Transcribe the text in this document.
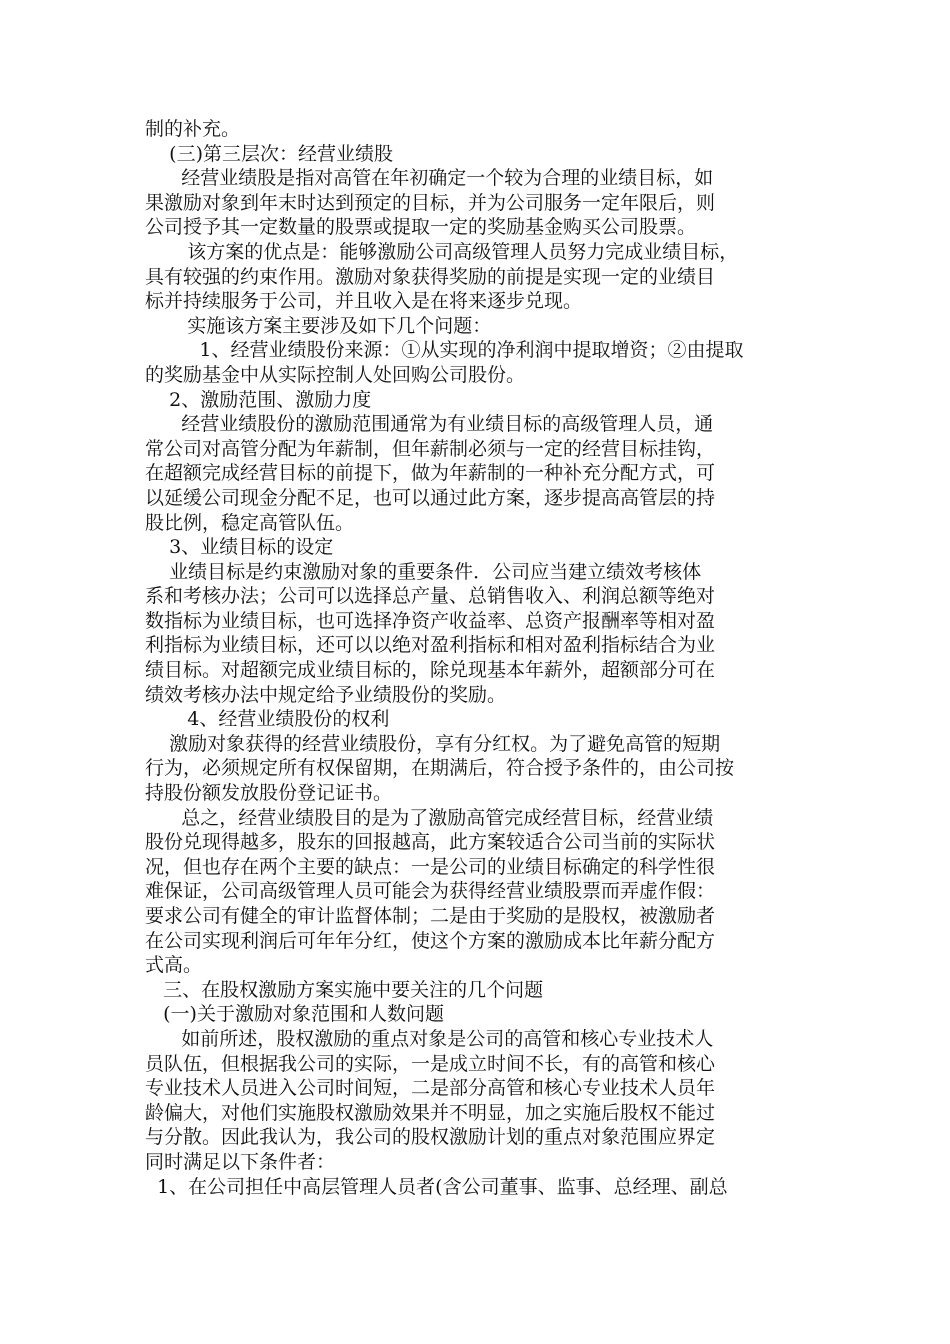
制的补充。
(三)第三层次：经营业绩股
经营业绩股是指对高管在年初确定一个较为合理的业绩目标，如
果激励对象到年末时达到预定的目标，并为公司服务一定年限后，则
公司授予其一定数量的股票或提取一定的奖励基金购买公司股票。
该方案的优点是：能够激励公司高级管理人员努力完成业绩目标，
具有较强的约束作用。激励对象获得奖励的前提是实现一定的业绩目
标并持续服务于公司，并且收入是在将来逐步兑现。
实施该方案主要涉及如下几个问题：
1、经营业绩股份来源：①从实现的净利润中提取增资；②由提取
的奖励基金中从实际控制人处回购公司股份。
2、激励范围、激励力度
经营业绩股份的激励范围通常为有业绩目标的高级管理人员，通
常公司对高管分配为年薪制，但年薪制必须与一定的经营目标挂钩，
在超额完成经营目标的前提下，做为年薪制的一种补充分配方式，可
以延缓公司现金分配不足，也可以通过此方案，逐步提高高管层的持
股比例，稳定高管队伍。
3、业绩目标的设定
业绩目标是约束激励对象的重要条件．公司应当建立绩效考核体
系和考核办法；公司可以选择总产量、总销售收入、利润总额等绝对
数指标为业绩目标，也可选择净资产收益率、总资产报酬率等相对盈
利指标为业绩目标，还可以以绝对盈利指标和相对盈利指标结合为业
绩目标。对超额完成业绩目标的，除兑现基本年薪外，超额部分可在
绩效考核办法中规定给予业绩股份的奖励。
4、经营业绩股份的权利
激励对象获得的经营业绩股份，享有分红权。为了避免高管的短期
行为，必须规定所有权保留期，在期满后，符合授予条件的，由公司按
持股份额发放股份登记证书。
总之，经营业绩股目的是为了激励高管完成经营目标，经营业绩
股份兑现得越多，股东的回报越高，此方案较适合公司当前的实际状
况，但也存在两个主要的缺点：一是公司的业绩目标确定的科学性很
难保证，公司高级管理人员可能会为获得经营业绩股票而弄虚作假：
要求公司有健全的审计监督体制；二是由于奖励的是股权，被激励者
在公司实现利润后可年年分红，使这个方案的激励成本比年薪分配方
式高。
三、在股权激励方案实施中要关注的几个问题
(一)关于激励对象范围和人数问题
如前所述，股权激励的重点对象是公司的高管和核心专业技术人
员队伍，但根据我公司的实际，一是成立时间不长，有的高管和核心
专业技术人员进入公司时间短，二是部分高管和核心专业技术人员年
龄偏大，对他们实施股权激励效果并不明显，加之实施后股权不能过
与分散。因此我认为，我公司的股权激励计划的重点对象范围应界定
同时满足以下条件者：
1、在公司担任中高层管理人员者(含公司董事、监事、总经理、副总
